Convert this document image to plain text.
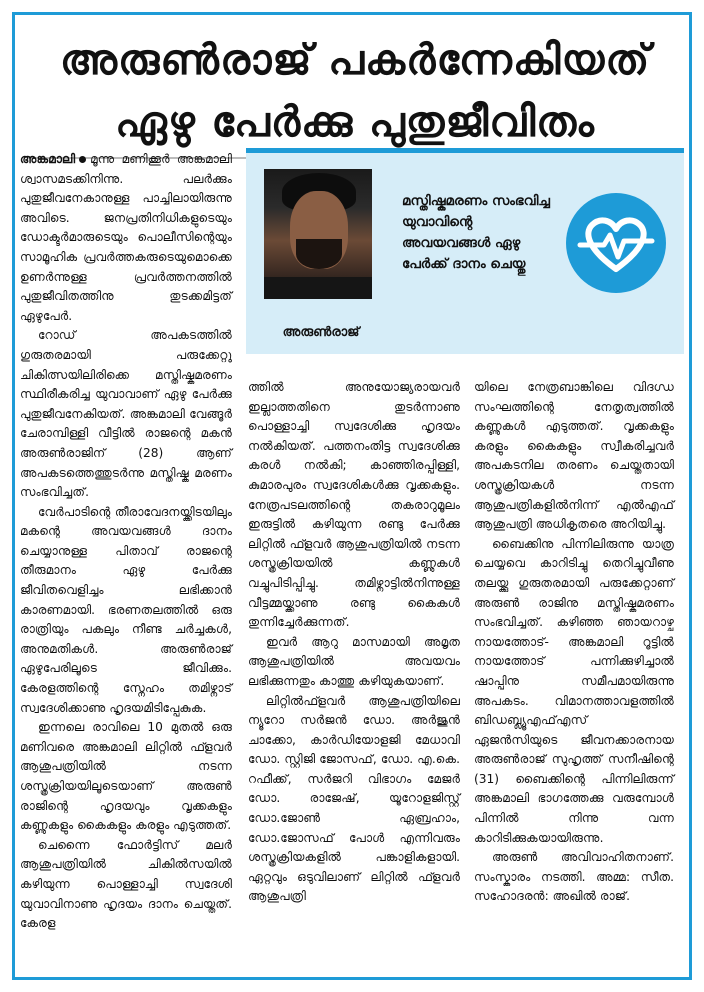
അരുൺരാജ് പകർന്നേകിയത്
ഏഴു പേർക്കു പുതുജീവിതം

അങ്കമാലി മൂന്നു മണിക്കൂർ അങ്കമാലി ശ്വാസമടക്കിനിന്നു. പലർക്കും പുതുജീവനേകാനുള്ള പാച്ചിലായിരുന്നു അവിടെ. ജനപ്രതിനിധികളുടെയും ഡോക്ടർമാരുടെയും പൊലീസിന്റെയും സാമൂഹിക പ്രവർത്തകരുടെയുമൊക്കെ ഉണർന്നുള്ള പ്രവർത്തനത്തിൽ പുതുജീവിതത്തിനു തുടക്കമിട്ടത് ഏഴുപേർ.

റോഡ് അപകടത്തിൽ ഗുരുതരമായി പരുക്കേറ്റു ചികിത്സയിലിരിക്കെ മസ്തിഷ്കമരണം സ്ഥിരീകരിച്ച യുവാവാണ് ഏഴു പേർക്കു പുതുജീവനേകിയത്. അങ്കമാലി വേങ്ങൂർ ചേരാമ്പിള്ളി വീട്ടിൽ രാജന്റെ മകൻ അരുൺരാജിന് (28) ആണ് അപകടത്തെത്തുടർന്നു മസ്തിഷ്ക മരണം സംഭവിച്ചത്.

വേർപാടിന്റെ തീരാവേദനയ്ക്കിടയിലും മകന്റെ അവയവങ്ങൾ ദാനം ചെയ്യാനുള്ള പിതാവ് രാജന്റെ തീരുമാനം ഏഴു പേർക്കു ജീവിതവെളിച്ചം ലഭിക്കാൻ കാരണമായി. ഭരണതലത്തിൽ ഒരു രാത്രിയും പകലും നീണ്ട ചർച്ചകൾ, അനുമതികൾ. അരുൺരാജ് ഏഴുപേരിലൂടെ ജീവിക്കും. കേരളത്തിന്റെ സ്നേഹം തമിഴ്നാട് സ്വദേശിക്കാണു ഹൃദയമിടിപ്പേകുക.

ഇന്നലെ രാവിലെ 10 മുതൽ ഒരു മണിവരെ അങ്കമാലി ലിറ്റിൽ ഫ്ളവർ ആശുപത്രിയിൽ നടന്ന ശസ്ത്രക്രിയയിലൂടെയാണ് അരുൺ രാജിന്റെ ഹൃദയവും വൃക്കകളും കണ്ണുകളും കൈകളും കരളും എടുത്തത്.

ചെന്നൈ ഫോർട്ടിസ് മലർ ആശുപത്രിയിൽ ചികിൽസയിൽ കഴിയുന്ന പൊള്ളാച്ചി സ്വദേശി യുവാവിനാണു ഹൃദയം ദാനം ചെയ്തത്. കേരള

അരുൺരാജ്
മസ്തിഷ്കമരണം സംഭവിച്ച യുവാവിന്റെ അവയവങ്ങൾ ഏഴു പേർക്ക് ദാനം ചെയ്തു

ത്തിൽ അനുയോജ്യരായവർ ഇല്ലാത്തതിനെ തുടർന്നാണു പൊള്ളാച്ചി സ്വദേശിക്കു ഹൃദയം നൽകിയത്. പത്തനംതിട്ട സ്വദേശിക്കു കരൾ നൽകി; കാഞ്ഞിരപ്പിള്ളി, കുമാരപുരം സ്വദേശികൾക്കു വൃക്കകളും. നേത്രപടലത്തിന്റെ തകരാറുമൂലം ഇരുട്ടിൽ കഴിയുന്ന രണ്ടു പേർക്കു ലിറ്റിൽ ഫ്ളവർ ആശുപത്രിയിൽ നടന്ന ശസ്ത്രക്രിയയിൽ കണ്ണുകൾ വച്ചുപിടിപ്പിച്ചു. തമിഴ്നാട്ടിൽനിന്നുള്ള വീട്ടമ്മയ്ക്കാണു രണ്ടു കൈകൾ തുന്നിച്ചേർക്കുന്നത്.

ഇവർ ആറു മാസമായി അമൃത ആശുപത്രിയിൽ അവയവം ലഭിക്കുന്നതും കാത്തു കഴിയുകയാണ്.

ലിറ്റിൽഫ്ളവർ ആശുപത്രിയിലെ ന്യൂറോ സർജൻ ഡോ. അർജുൻ ചാക്കോ, കാർഡിയോളജി മേധാവി ഡോ. സ്റ്റിജി ജോസഫ്, ഡോ. എ.കെ. റഫീക്ക്, സർജറി വിഭാഗം മേജർ ഡോ. രാജേഷ്, യൂറോളജിസ്റ്റ് ഡോ.ജോൺ ഏബ്രഹാം, ഡോ.ജോസഫ് പോൾ എന്നിവരും ശസ്ത്രക്രിയകളിൽ പങ്കാളികളായി. ഏറ്റവും ഒടുവിലാണ് ലിറ്റിൽ ഫ്ളവർ ആശുപത്രി

യിലെ നേത്രബാങ്കിലെ വിദഗ്ധ സംഘത്തിന്റെ നേതൃത്വത്തിൽ കണ്ണുകൾ എടുത്തത്. വൃക്കകളും കരളും കൈകളും സ്വീകരിച്ചവർ അപകടനില തരണം ചെയ്തതായി ശസ്ത്രക്രിയകൾ നടന്ന ആശുപത്രികളിൽനിന്ന് എൽഎഫ് ആശുപത്രി അധികൃതരെ അറിയിച്ചു.

ബൈക്കിനു പിന്നിലിരുന്നു യാത്ര ചെയ്യവെ കാറിടിച്ചു തെറിച്ചുവീണു തലയ്ക്കു ഗുരുതരമായി പരുക്കേറ്റാണ് അരുൺ രാജിനു മസ്തിഷ്കമരണം സംഭവിച്ചത്. കഴിഞ്ഞ ഞായറാഴ്ച നായത്തോട്- അങ്കമാലി റൂട്ടിൽ നായത്തോട് പന്നിക്കുഴിച്ചാൽ ഷാപ്പിനു സമീപമായിരുന്നു അപകടം. വിമാനത്താവളത്തിൽ ബിഡബ്ല്യൂഎഫ്എസ് ഏജൻസിയുടെ ജീവനക്കാരനായ അരുൺരാജ് സുഹൃത്ത് സനീഷിന്റെ (31) ബൈക്കിന്റെ പിന്നിലിരുന്ന് അങ്കമാലി ഭാഗത്തേക്കു വരുമ്പോൾ പിന്നിൽ നിന്നു വന്ന കാറിടിക്കുകയായിരുന്നു.

അരുൺ അവിവാഹിതനാണ്. സംസ്കാരം നടത്തി. അമ്മ: സീത. സഹോദരൻ: അഖിൽ രാജ്.
